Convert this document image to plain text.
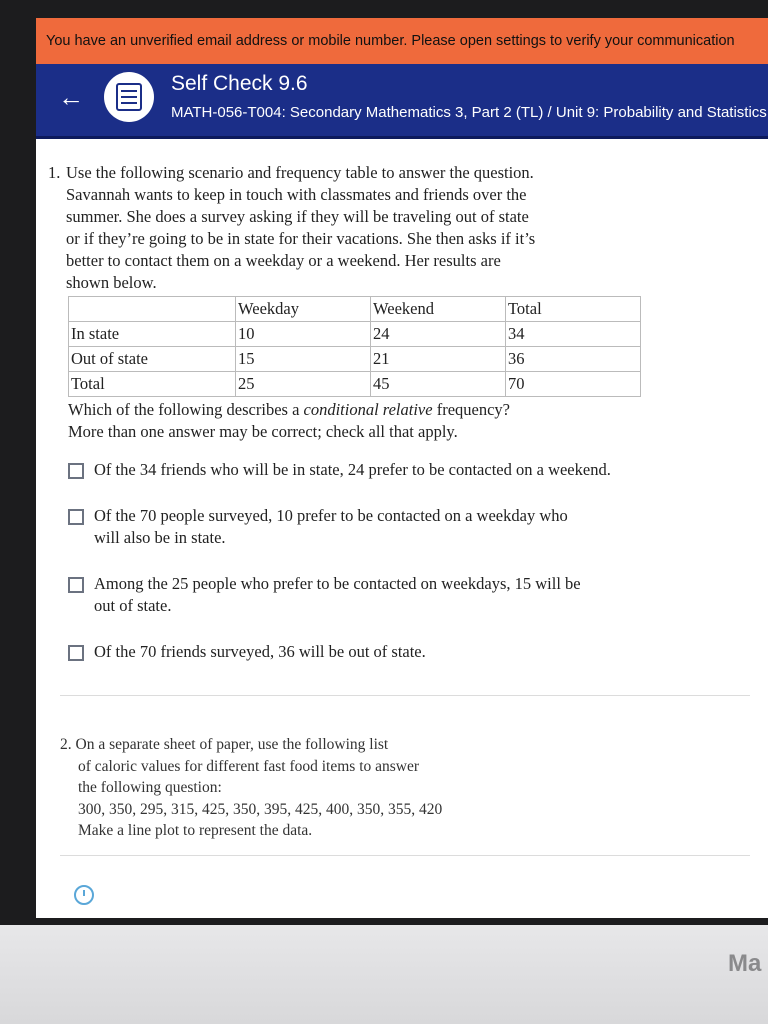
You have an unverified email address or mobile number. Please open settings to verify your communication
←	Self Check 9.6
MATH-056-T004: Secondary Mathematics 3, Part 2 (TL) / Unit 9: Probability and Statistics
1. Use the following scenario and frequency table to answer the question.
Savannah wants to keep in touch with classmates and friends over the
summer. She does a survey asking if they will be traveling out of state
or if they’re going to be in state for their vacations. She then asks if it’s
better to contact them on a weekday or a weekend. Her results are
shown below.
	Weekday	Weekend	Total
In state	10	24	34
Out of state	15	21	36
Total	25	45	70
Which of the following describes a conditional relative frequency?
More than one answer may be correct; check all that apply.
Of the 34 friends who will be in state, 24 prefer to be contacted on a weekend.
Of the 70 people surveyed, 10 prefer to be contacted on a weekday who
will also be in state.
Among the 25 people who prefer to be contacted on weekdays, 15 will be
out of state.
Of the 70 friends surveyed, 36 will be out of state.
2. On a separate sheet of paper, use the following list
of caloric values for different fast food items to answer
the following question:
300, 350, 295, 315, 425, 350, 395, 425, 400, 350, 355, 420
Make a line plot to represent the data.
Ma
